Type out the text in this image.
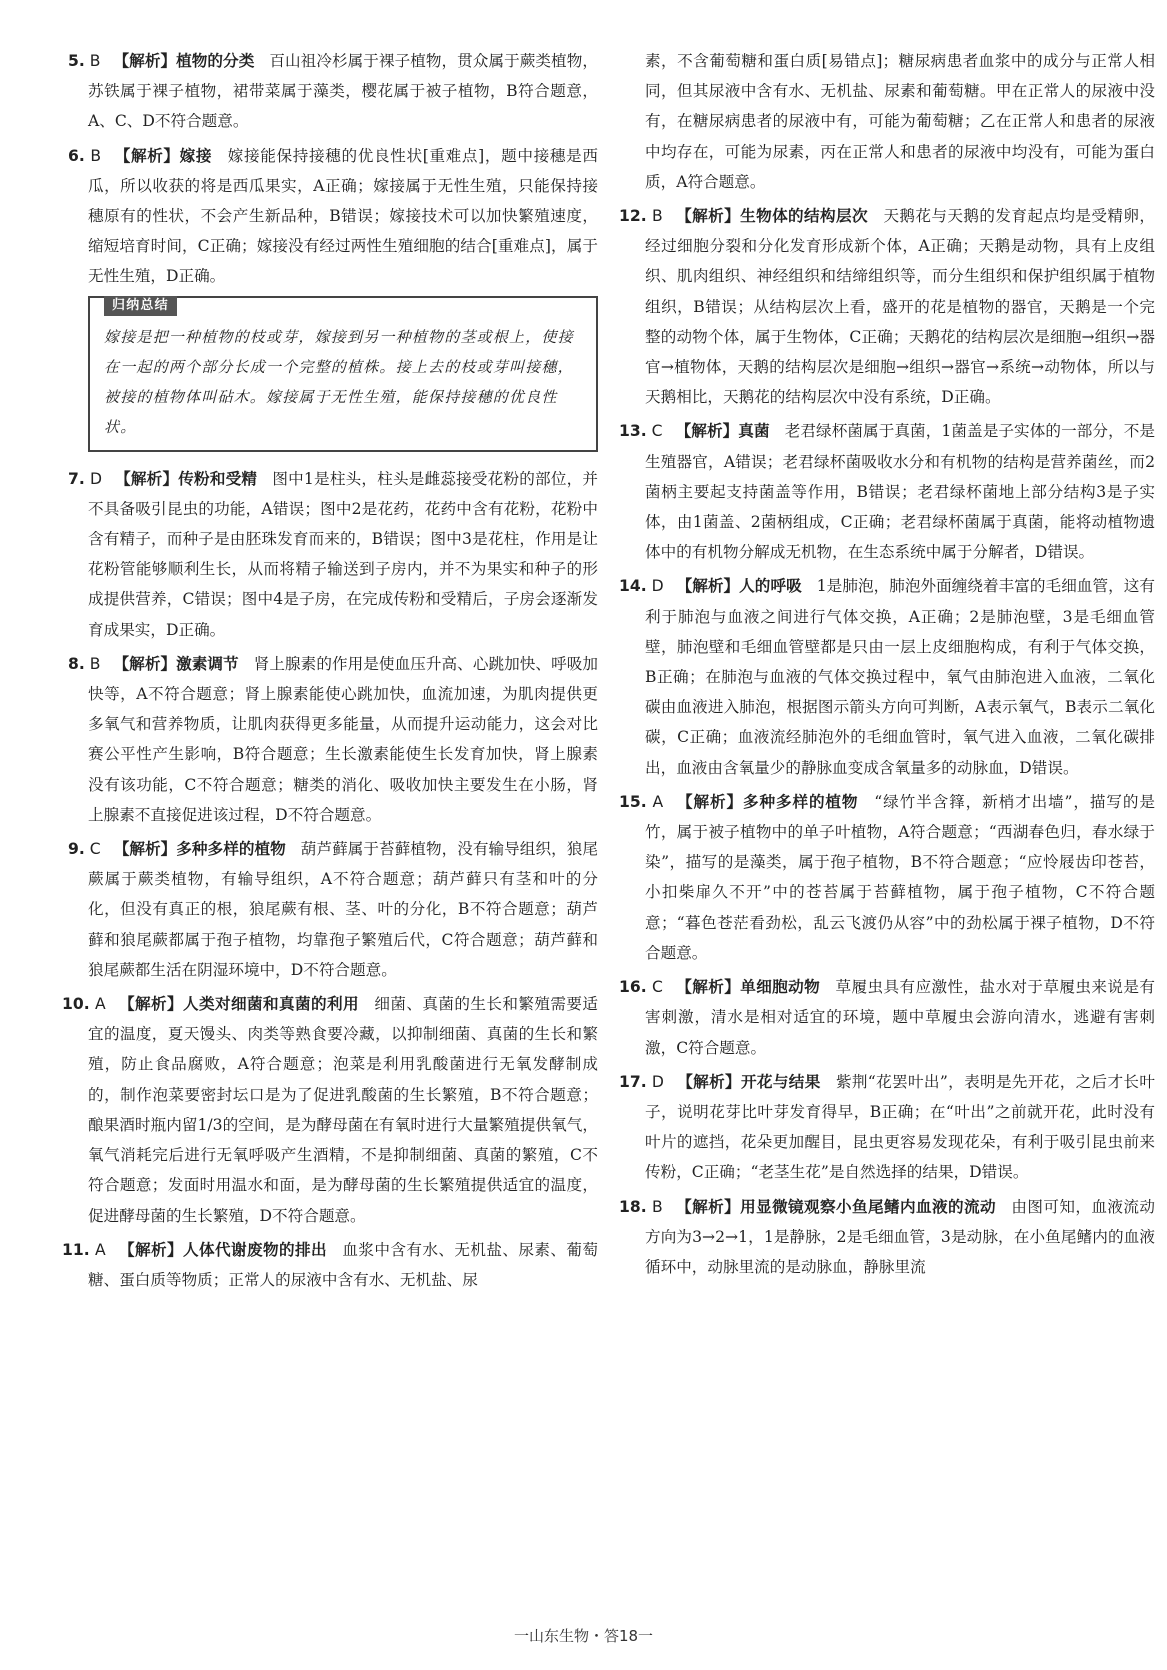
5. B 【解析】植物的分类 百山祖冷杉属于裸子植物，贯众属于蕨类植物，苏铁属于裸子植物，裙带菜属于藻类，樱花属于被子植物，B符合题意，A、C、D不符合题意。
6. B 【解析】嫁接 嫁接能保持接穗的优良性状[重难点]，题中接穗是西瓜，所以收获的将是西瓜果实，A正确；嫁接属于无性生殖，只能保持接穗原有的性状，不会产生新品种，B错误；嫁接技术可以加快繁殖速度，缩短培育时间，C正确；嫁接没有经过两性生殖细胞的结合[重难点]，属于无性生殖，D正确。
归纳总结
嫁接是把一种植物的枝或芽，嫁接到另一种植物的茎或根上，使接在一起的两个部分长成一个完整的植株。接上去的枝或芽叫接穗，被接的植物体叫砧木。嫁接属于无性生殖，能保持接穗的优良性状。
7. D 【解析】传粉和受精 图中1是柱头，柱头是雌蕊接受花粉的部位，并不具备吸引昆虫的功能，A错误；图中2是花药，花药中含有花粉，花粉中含有精子，而种子是由胚珠发育而来的，B错误；图中3是花柱，作用是让花粉管能够顺利生长，从而将精子输送到子房内，并不为果实和种子的形成提供营养，C错误；图中4是子房，在完成传粉和受精后，子房会逐渐发育成果实，D正确。
8. B 【解析】激素调节 肾上腺素的作用是使血压升高、心跳加快、呼吸加快等，A不符合题意；肾上腺素能使心跳加快，血流加速，为肌肉提供更多氧气和营养物质，让肌肉获得更多能量，从而提升运动能力，这会对比赛公平性产生影响，B符合题意；生长激素能使生长发育加快，肾上腺素没有该功能，C不符合题意；糖类的消化、吸收加快主要发生在小肠，肾上腺素不直接促进该过程，D不符合题意。
9. C 【解析】多种多样的植物 葫芦藓属于苔藓植物，没有输导组织，狼尾蕨属于蕨类植物，有输导组织，A不符合题意；葫芦藓只有茎和叶的分化，但没有真正的根，狼尾蕨有根、茎、叶的分化，B不符合题意；葫芦藓和狼尾蕨都属于孢子植物，均靠孢子繁殖后代，C符合题意；葫芦藓和狼尾蕨都生活在阴湿环境中，D不符合题意。
10. A 【解析】人类对细菌和真菌的利用 细菌、真菌的生长和繁殖需要适宜的温度，夏天馒头、肉类等熟食要冷藏，以抑制细菌、真菌的生长和繁殖，防止食品腐败，A符合题意；泡菜是利用乳酸菌进行无氧发酵制成的，制作泡菜要密封坛口是为了促进乳酸菌的生长繁殖，B不符合题意；酿果酒时瓶内留1/3的空间，是为酵母菌在有氧时进行大量繁殖提供氧气，氧气消耗完后进行无氧呼吸产生酒精，不是抑制细菌、真菌的繁殖，C不符合题意；发面时用温水和面，是为酵母菌的生长繁殖提供适宜的温度，促进酵母菌的生长繁殖，D不符合题意。
11. A 【解析】人体代谢废物的排出 血浆中含有水、无机盐、尿素、葡萄糖、蛋白质等物质；正常人的尿液中含有水、无机盐、尿
素，不含葡萄糖和蛋白质[易错点]；糖尿病患者血浆中的成分与正常人相同，但其尿液中含有水、无机盐、尿素和葡萄糖。甲在正常人的尿液中没有，在糖尿病患者的尿液中有，可能为葡萄糖；乙在正常人和患者的尿液中均存在，可能为尿素，丙在正常人和患者的尿液中均没有，可能为蛋白质，A符合题意。
12. B 【解析】生物体的结构层次 天鹅花与天鹅的发育起点均是受精卵，经过细胞分裂和分化发育形成新个体，A正确；天鹅是动物，具有上皮组织、肌肉组织、神经组织和结缔组织等，而分生组织和保护组织属于植物组织，B错误；从结构层次上看，盛开的花是植物的器官，天鹅是一个完整的动物个体，属于生物体，C正确；天鹅花的结构层次是细胞→组织→器官→植物体，天鹅的结构层次是细胞→组织→器官→系统→动物体，所以与天鹅相比，天鹅花的结构层次中没有系统，D正确。
13. C 【解析】真菌 老君绿杯菌属于真菌，1菌盖是子实体的一部分，不是生殖器官，A错误；老君绿杯菌吸收水分和有机物的结构是营养菌丝，而2菌柄主要起支持菌盖等作用，B错误；老君绿杯菌地上部分结构3是子实体，由1菌盖、2菌柄组成，C正确；老君绿杯菌属于真菌，能将动植物遗体中的有机物分解成无机物，在生态系统中属于分解者，D错误。
14. D 【解析】人的呼吸 1是肺泡，肺泡外面缠绕着丰富的毛细血管，这有利于肺泡与血液之间进行气体交换，A正确；2是肺泡壁，3是毛细血管壁，肺泡壁和毛细血管壁都是只由一层上皮细胞构成，有利于气体交换，B正确；在肺泡与血液的气体交换过程中，氧气由肺泡进入血液，二氧化碳由血液进入肺泡，根据图示箭头方向可判断，A表示氧气，B表示二氧化碳，C正确；血液流经肺泡外的毛细血管时，氧气进入血液，二氧化碳排出，血液由含氧量少的静脉血变成含氧量多的动脉血，D错误。
15. A 【解析】多种多样的植物 “绿竹半含箨，新梢才出墙”，描写的是竹，属于被子植物中的单子叶植物，A符合题意；“西湖春色归，春水绿于染”，描写的是藻类，属于孢子植物，B不符合题意；“应怜屐齿印苍苔，小扣柴扉久不开”中的苍苔属于苔藓植物，属于孢子植物，C不符合题意；“暮色苍茫看劲松，乱云飞渡仍从容”中的劲松属于裸子植物，D不符合题意。
16. C 【解析】单细胞动物 草履虫具有应激性，盐水对于草履虫来说是有害刺激，清水是相对适宜的环境，题中草履虫会游向清水，逃避有害刺激，C符合题意。
17. D 【解析】开花与结果 紫荆“花罢叶出”，表明是先开花，之后才长叶子，说明花芽比叶芽发育得早，B正确；在“叶出”之前就开花，此时没有叶片的遮挡，花朵更加醒目，昆虫更容易发现花朵，有利于吸引昆虫前来传粉，C正确；“老茎生花”是自然选择的结果，D错误。
18. B 【解析】用显微镜观察小鱼尾鳍内血液的流动 由图可知，血液流动方向为3→2→1，1是静脉，2是毛细血管，3是动脉，在小鱼尾鳍内的血液循环中，动脉里流的是动脉血，静脉里流
一山东生物・答18一
